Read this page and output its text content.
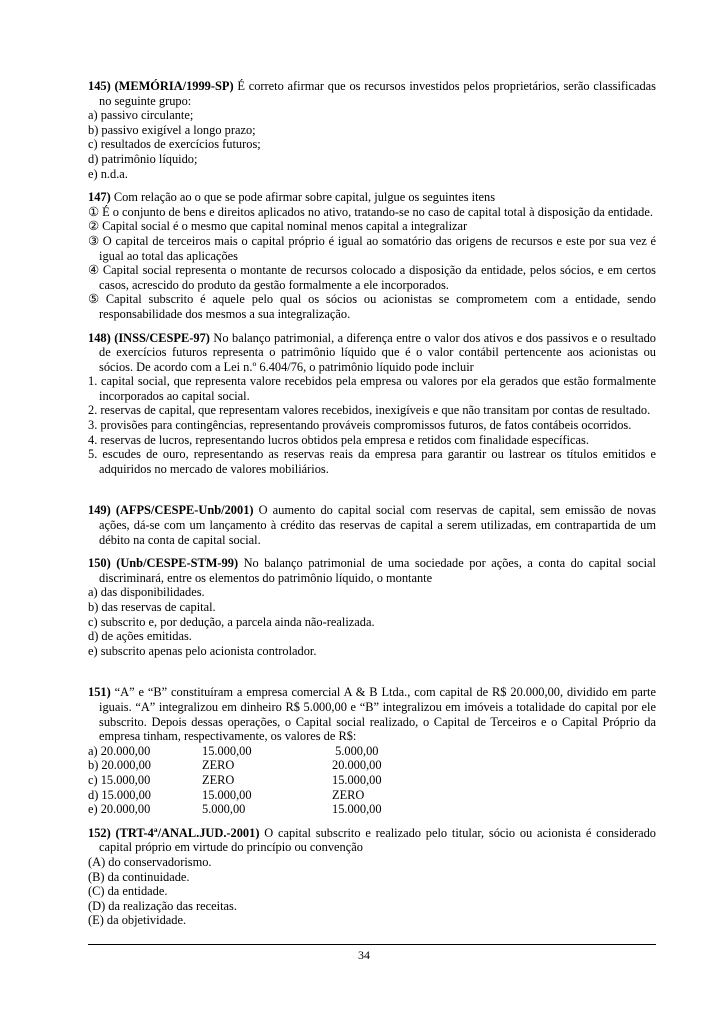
145) (MEMÓRIA/1999-SP) É correto afirmar que os recursos investidos pelos proprietários, serão classificadas no seguinte grupo:

a) passivo circulante;

b) passivo exigível a longo prazo;

c) resultados de exercícios futuros;

d) patrimônio líquido;

e) n.d.a.

147) Com relação ao o que se pode afirmar sobre capital, julgue os seguintes itens

① É o conjunto de bens e direitos aplicados no ativo, tratando-se no caso de capital total à disposição da entidade.

② Capital social é o mesmo que capital nominal menos capital a integralizar

③ O capital de terceiros mais o capital próprio é igual ao somatório das origens de recursos e este por sua vez é igual ao total das aplicações

④ Capital social representa o montante de recursos colocado a disposição da entidade, pelos sócios, e em certos casos, acrescido do produto da gestão formalmente a ele incorporados.

⑤ Capital subscrito é aquele pelo qual os sócios ou acionistas se comprometem com a entidade, sendo responsabilidade dos mesmos a sua integralização.

148) (INSS/CESPE-97) No balanço patrimonial, a diferença entre o valor dos ativos e dos passivos e o resultado de exercícios futuros representa o patrimônio líquido que é o valor contábil pertencente aos acionistas ou sócios. De acordo com a Lei n.º 6.404/76, o patrimônio líquido pode incluir

1. capital social, que representa valore recebidos pela empresa ou valores por ela gerados que estão formalmente incorporados ao capital social.

2. reservas de capital, que representam valores recebidos, inexigíveis e que não transitam por contas de resultado.

3. provisões para contingências, representando prováveis compromissos futuros, de fatos contábeis ocorridos.

4. reservas de lucros, representando lucros obtidos pela empresa e retidos com finalidade específicas.

5. escudes de ouro, representando as reservas reais da empresa para garantir ou lastrear os títulos emitidos e adquiridos no mercado de valores mobiliários.

149) (AFPS/CESPE-Unb/2001) O aumento do capital social com reservas de capital, sem emissão de novas ações, dá-se com um lançamento à crédito das reservas de capital a serem utilizadas, em contrapartida de um débito na conta de capital social.

150) (Unb/CESPE-STM-99) No balanço patrimonial de uma sociedade por ações, a conta do capital social discriminará, entre os elementos do patrimônio líquido, o montante

a) das disponibilidades.

b) das reservas de capital.

c) subscrito e, por dedução, a parcela ainda não-realizada.

d) de ações emitidas.

e) subscrito apenas pelo acionista controlador.

151) “A” e “B” constituíram a empresa comercial A & B Ltda., com capital de R$ 20.000,00, dividido em parte iguais. “A” integralizou em dinheiro R$ 5.000,00 e “B” integralizou em imóveis a totalidade do capital por ele subscrito. Depois dessas operações, o Capital social realizado, o Capital de Terceiros e o Capital Próprio da empresa tinham, respectivamente, os valores de R$:

a) 20.000,00	15.000,00	5.000,00
b) 20.000,00	ZERO	20.000,00
c) 15.000,00	ZERO	15.000,00
d) 15.000,00	15.000,00	ZERO
e) 20.000,00	5.000,00	15.000,00

152) (TRT-4ª/ANAL.JUD.-2001) O capital subscrito e realizado pelo titular, sócio ou acionista é considerado capital próprio em virtude do princípio ou convenção

(A) do conservadorismo.

(B) da continuidade.

(C) da entidade.

(D) da realização das receitas.

(E) da objetividade.

34
